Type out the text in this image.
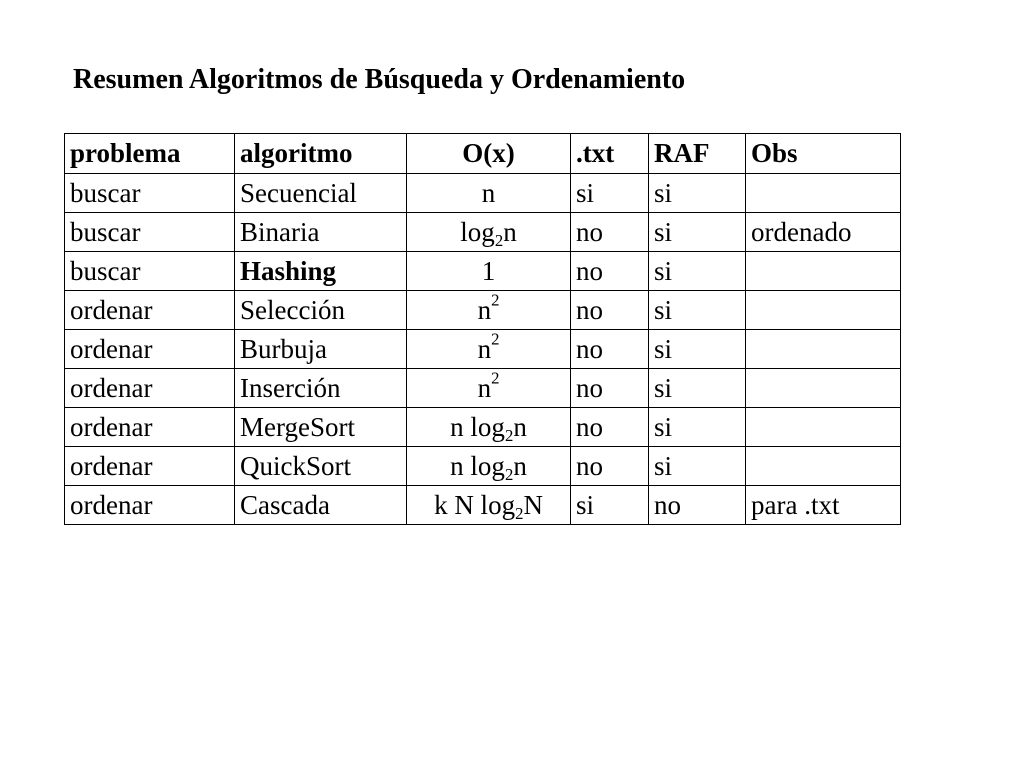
Resumen Algoritmos de Búsqueda y Ordenamiento
problema	algoritmo	O(x)	.txt	RAF	Obs
buscar	Secuencial	n	si	si	
buscar	Binaria	$\log_2n$	no	si	ordenado
buscar	Hashing	1	no	si	
ordenar	Selección	$n^2$	no	si	
ordenar	Burbuja	$n^2$	no	si	
ordenar	Inserción	$n^2$	no	si	
ordenar	MergeSort	n $\log_2n$	no	si	
ordenar	QuickSort	n $\log_2n$	no	si	
ordenar	Cascada	k N $\log_2N$	si	no	para .txt
